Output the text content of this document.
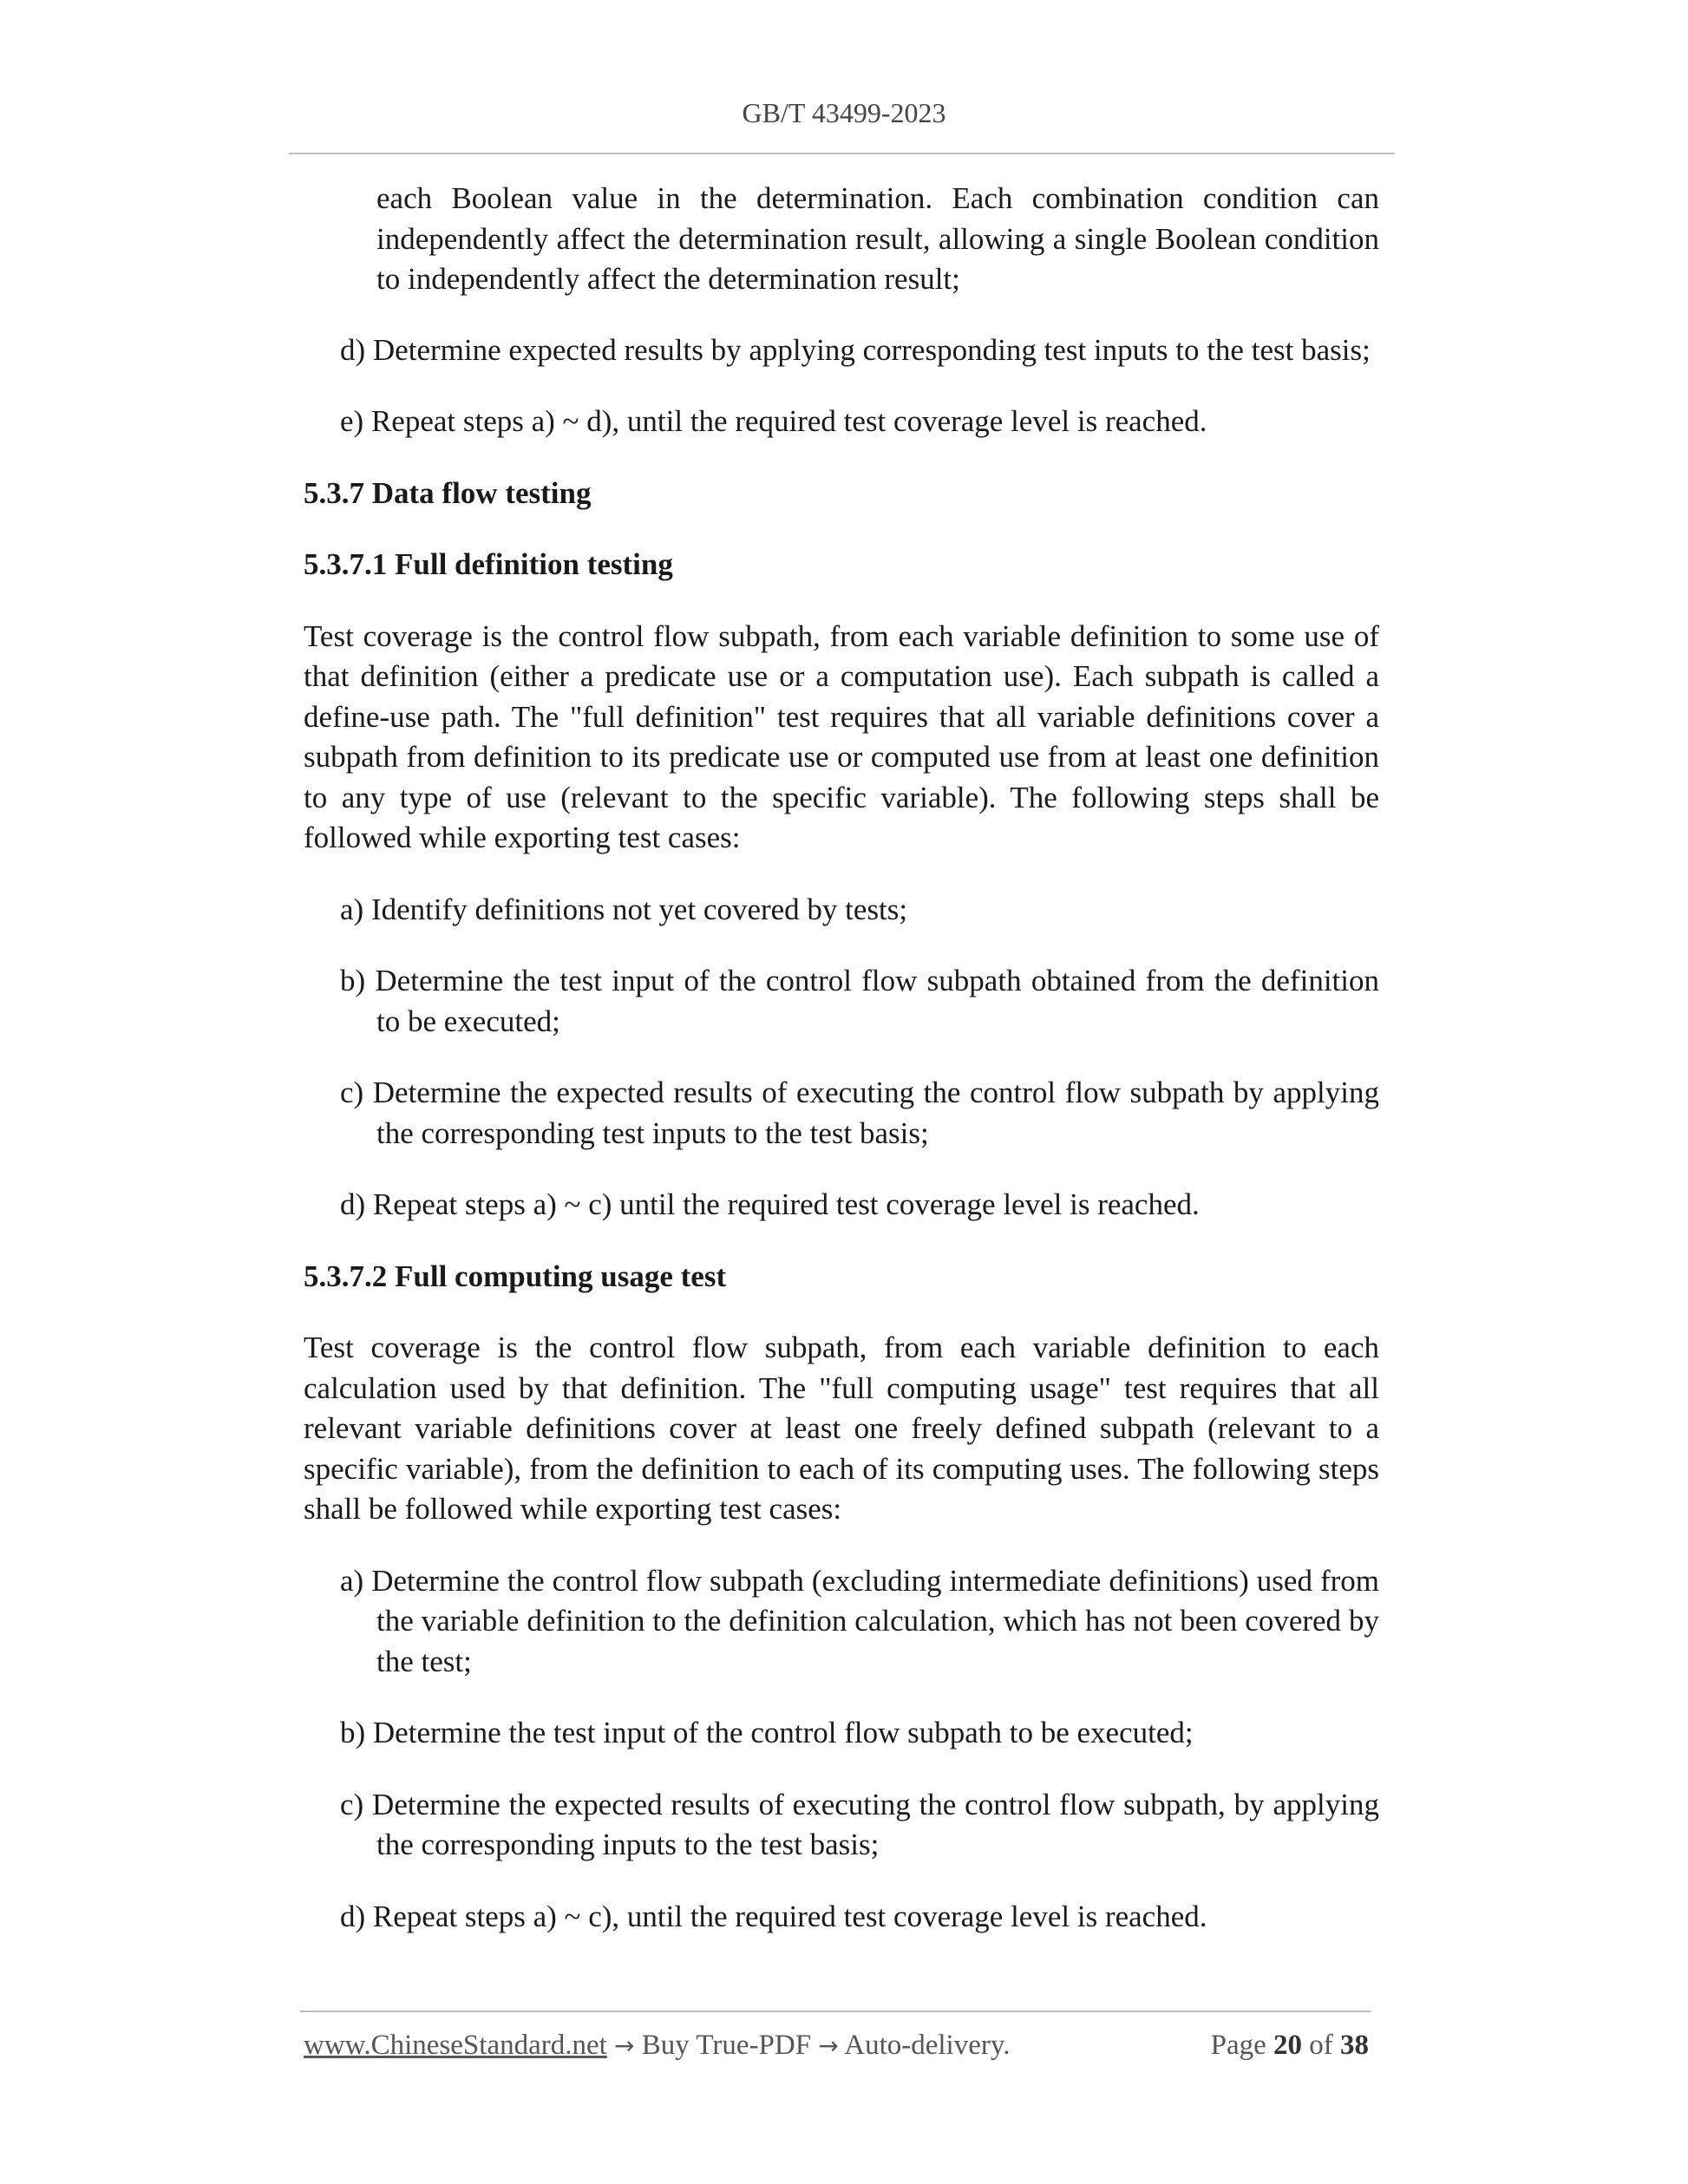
GB/T 43499-2023

each Boolean value in the determination. Each combination condition can independently affect the determination result, allowing a single Boolean condition to independently affect the determination result;

d) Determine expected results by applying corresponding test inputs to the test basis;

e) Repeat steps a) ~ d), until the required test coverage level is reached.

5.3.7 Data flow testing

5.3.7.1 Full definition testing

Test coverage is the control flow subpath, from each variable definition to some use of that definition (either a predicate use or a computation use). Each subpath is called a define-use path. The "full definition" test requires that all variable definitions cover a subpath from definition to its predicate use or computed use from at least one definition to any type of use (relevant to the specific variable). The following steps shall be followed while exporting test cases:

a) Identify definitions not yet covered by tests;

b) Determine the test input of the control flow subpath obtained from the definition to be executed;

c) Determine the expected results of executing the control flow subpath by applying the corresponding test inputs to the test basis;

d) Repeat steps a) ~ c) until the required test coverage level is reached.

5.3.7.2 Full computing usage test

Test coverage is the control flow subpath, from each variable definition to each calculation used by that definition. The "full computing usage" test requires that all relevant variable definitions cover at least one freely defined subpath (relevant to a specific variable), from the definition to each of its computing uses. The following steps shall be followed while exporting test cases:

a) Determine the control flow subpath (excluding intermediate definitions) used from the variable definition to the definition calculation, which has not been covered by the test;

b) Determine the test input of the control flow subpath to be executed;

c) Determine the expected results of executing the control flow subpath, by applying the corresponding inputs to the test basis;

d) Repeat steps a) ~ c), until the required test coverage level is reached.

www.ChineseStandard.net → Buy True-PDF → Auto-delivery.	Page 20 of 38
